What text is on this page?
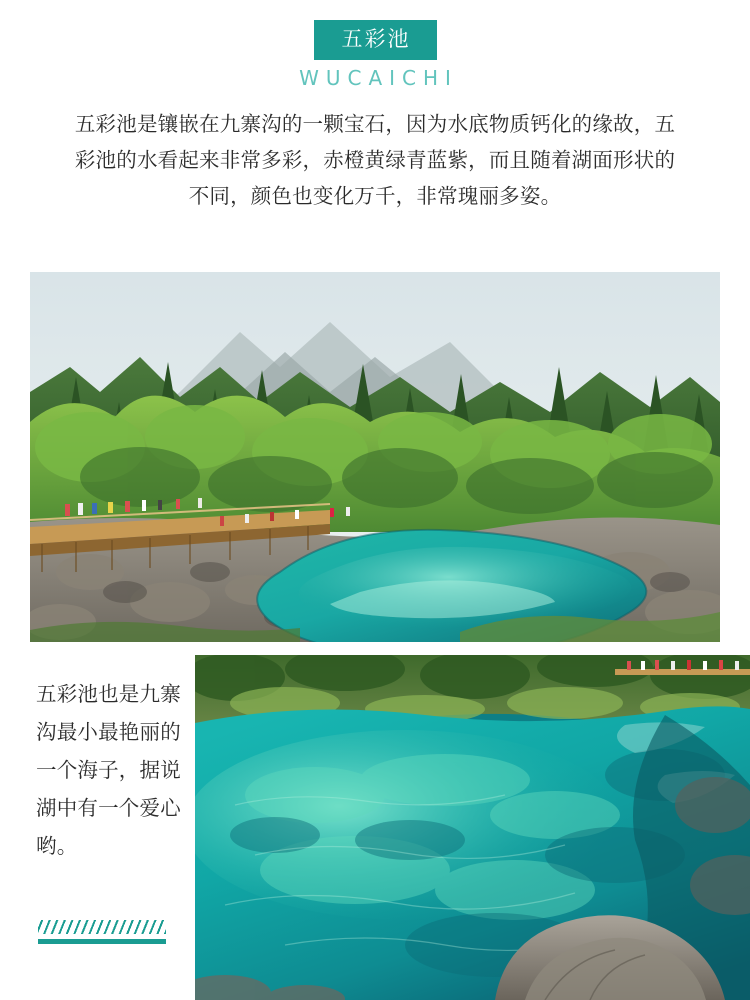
五彩池
WUCAICHI

五彩池是镶嵌在九寨沟的一颗宝石，因为水底物质钙化的缘故，五彩池的水看起来非常多彩，赤橙黄绿青蓝紫，而且随着湖面形状的不同，颜色也变化万千，非常瑰丽多姿。

五彩池也是九寨沟最小最艳丽的一个海子，据说湖中有一个爱心哟。
